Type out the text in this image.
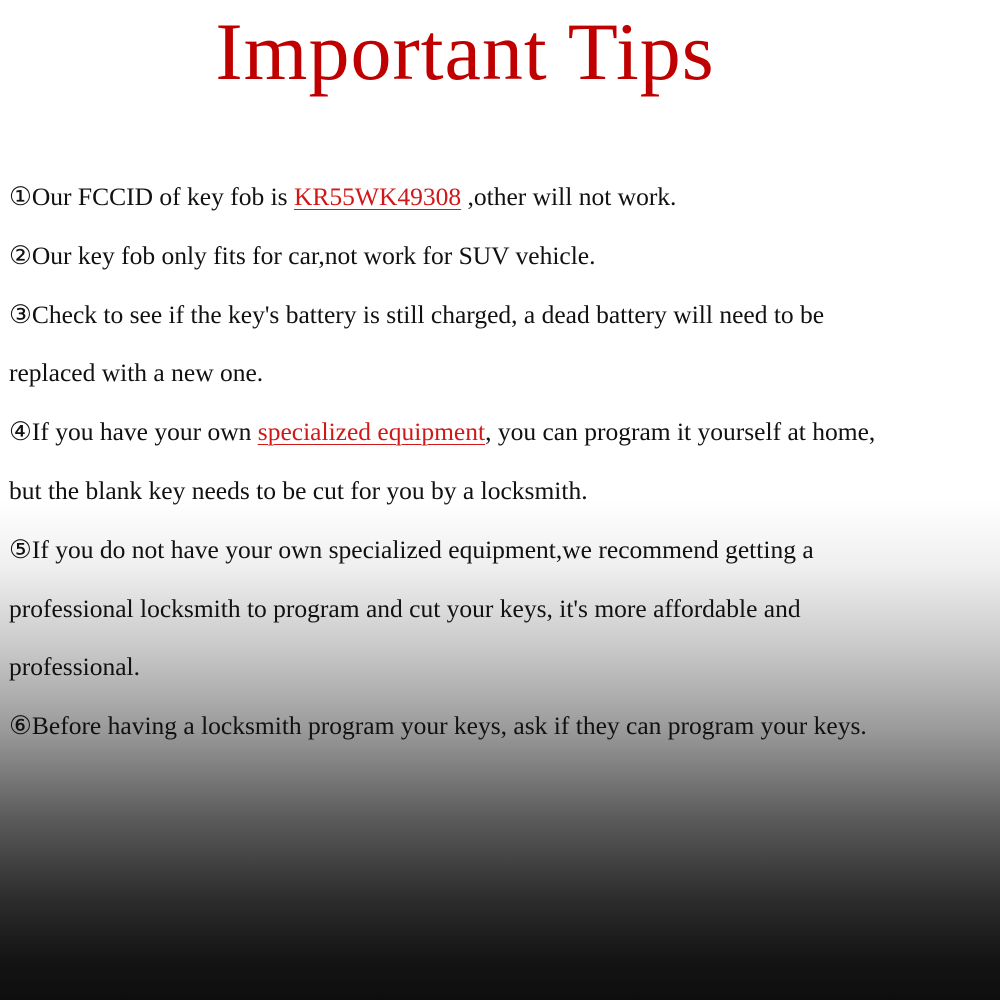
Important Tips
①Our FCCID of key fob is KR55WK49308 ,other will not work.
②Our key fob only fits for car,not work for SUV vehicle.
③Check to see if the key's battery is still charged, a dead battery will need to be
replaced with a new one.
④If you have your own specialized equipment, you can program it yourself at home,
but the blank key needs to be cut for you by a locksmith.
⑤If you do not have your own specialized equipment,we recommend getting a
professional locksmith to program and cut your keys, it's more affordable and
professional.
⑥Before having a locksmith program your keys, ask if they can program your keys.
